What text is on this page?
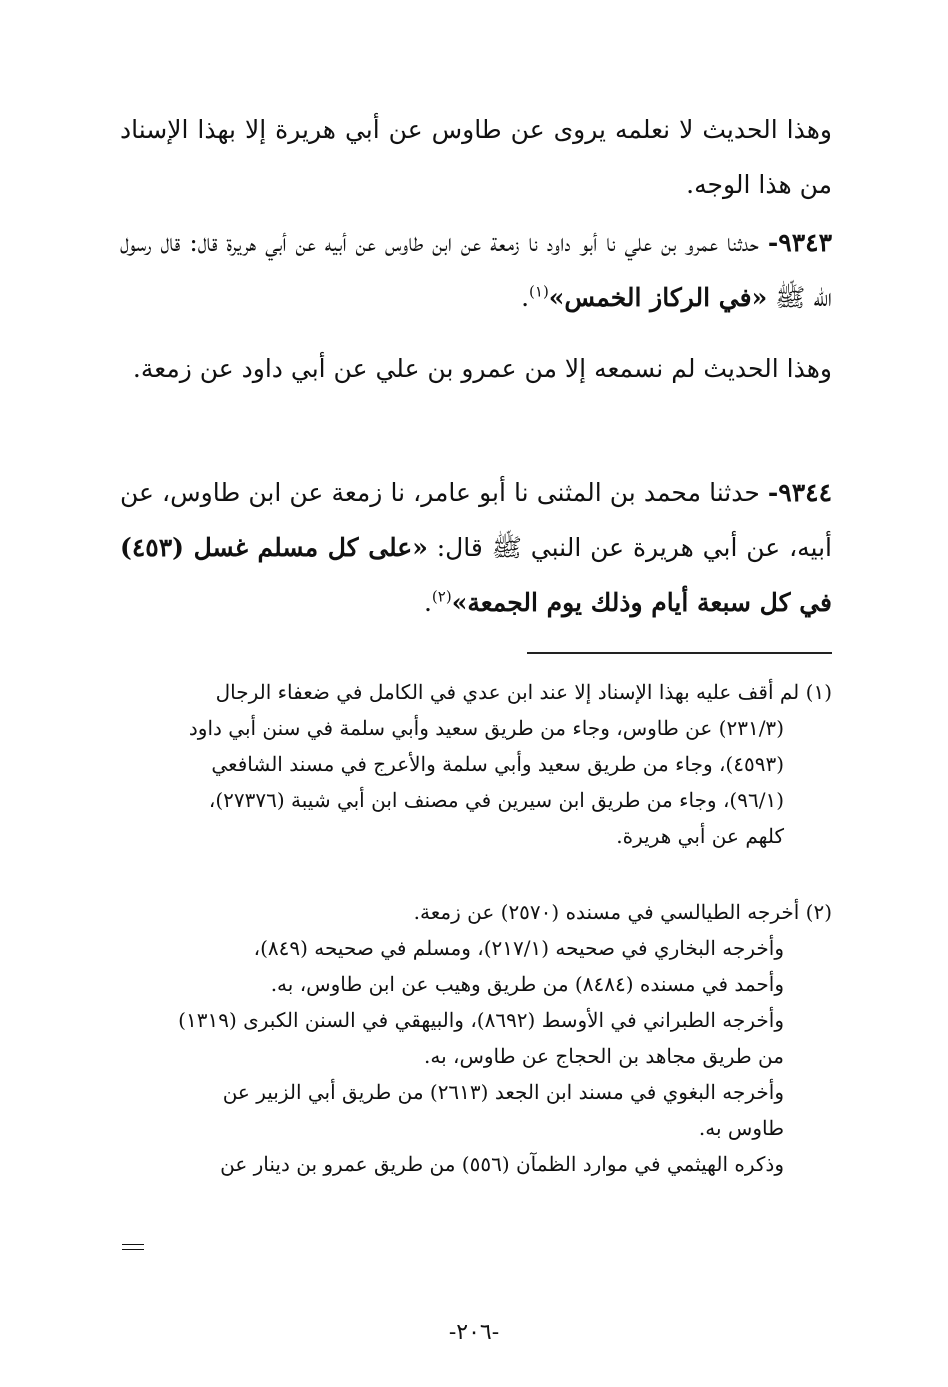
وهذا الحديث لا نعلمه يروى عن طاوس عن أبي هريرة إلا بهذا الإسناد من هذا الوجه.
٩٣٤٣- حدثنا عمرو بن علي نا أبو داود نا زمعة عن ابن طاوس عن أبيه عن أبي هريرة قال: قال رسول الله ﷺ «في الركاز الخمس»$^{(١)}$.
وهذا الحديث لم نسمعه إلا من عمرو بن علي عن أبي داود عن زمعة.
٩٣٤٤- حدثنا محمد بن المثنى نا أبو عامر، نا زمعة عن ابن طاوس، عن أبيه، عن أبي هريرة عن النبي ﷺ قال: «على كل مسلم غسل (٤٥٣) في كل سبعة أيام وذلك يوم الجمعة»$^{(٢)}$.
(١) لم أقف عليه بهذا الإسناد إلا عند ابن عدي في الكامل في ضعفاء الرجال
(٢٣١/٣) عن طاوس، وجاء من طريق سعيد وأبي سلمة في سنن أبي داود
(٤٥٩٣)، وجاء من طريق سعيد وأبي سلمة والأعرج في مسند الشافعي
(٩٦/١)، وجاء من طريق ابن سيرين في مصنف ابن أبي شيبة (٢٧٣٧٦)،
كلهم عن أبي هريرة.
(٢) أخرجه الطيالسي في مسنده (٢٥٧٠) عن زمعة.
وأخرجه البخاري في صحيحه (٢١٧/١)، ومسلم في صحيحه (٨٤٩)،
وأحمد في مسنده (٨٤٨٤) من طريق وهيب عن ابن طاوس، به.
وأخرجه الطبراني في الأوسط (٨٦٩٢)، والبيهقي في السنن الكبرى (١٣١٩)
من طريق مجاهد بن الحجاج عن طاوس، به.
وأخرجه البغوي في مسند ابن الجعد (٢٦١٣) من طريق أبي الزبير عن
طاوس به.
وذكره الهيثمي في موارد الظمآن (٥٥٦) من طريق عمرو بن دينار عن
-٢٠٦-
